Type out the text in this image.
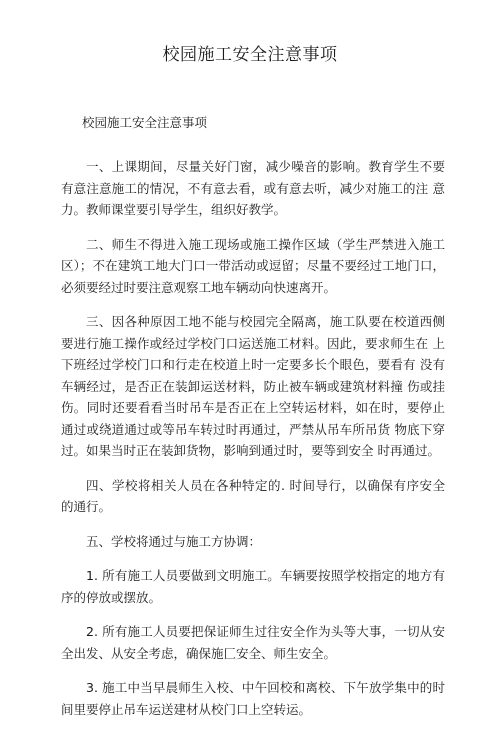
校园施工安全注意事项
校园施工安全注意事项

一、上课期间，尽量关好门窗，减少噪音的影响。教育学生不要 有意注意施工的情况，不有意去看，或有意去听，减少对施工的注 意力。教师课堂要引导学生，组织好教学。

二、师生不得进入施工现场或施工操作区域（学生严禁进入施工 区）；不在建筑工地大门口一带活动或逗留；尽量不要经过工地门口，必须要经过时要注意观察工地车辆动向快速离开。

三、因各种原因工地不能与校园完全隔离，施工队要在校道西侧 要进行施工操作或经过学校门口运送施工材料。因此，要求师生在 上下班经过学校门口和行走在校道上时一定要多长个眼色，要看有 没有车辆经过，是否正在装卸运送材料，防止被车辆或建筑材料撞 伤或挂伤。同时还要看看当时吊车是否正在上空转运材料，如在时，要停止通过或绕道通过或等吊车转过时再通过，严禁从吊车所吊货 物底下穿过。如果当时正在装卸货物，影响到通过时，要等到安全 时再通过。

四、学校将相关人员在各种特定的. 时间导行，以确保有序安全 的通行。

五、学校将通过与施工方协调：

1. 所有施工人员要做到文明施工。车辆要按照学校指定的地方有 序的停放或摆放。

2. 所有施工人员要把保证师生过往安全作为头等大事，一切从安 全出发、从安全考虑，确保施匚安全、师生安全。

3. 施工中当早晨师生入校、中午回校和离校、下午放学集中的时 间里要停止吊车运送建材从校门口上空转运。
